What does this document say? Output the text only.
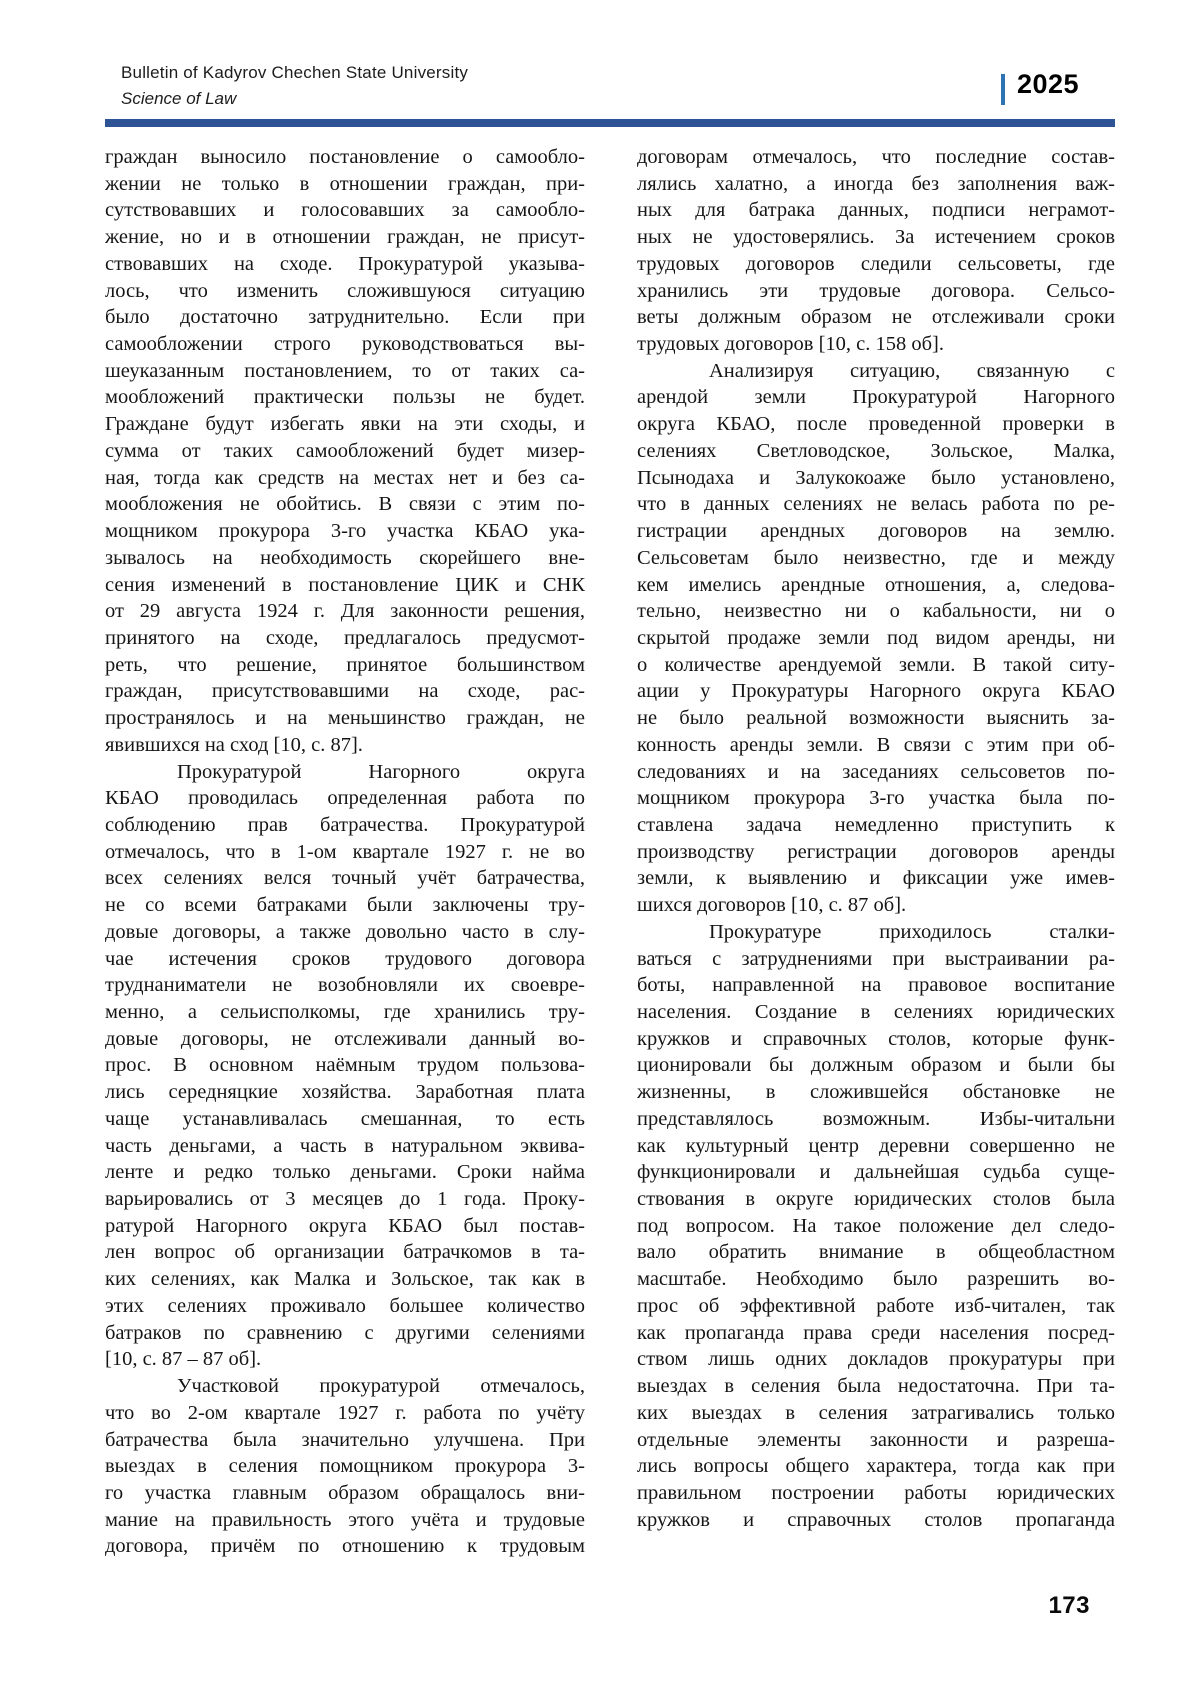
Bulletin of Kadyrov Chechen State University
Science of Law	2025
граждан выносило постановление о самообло-
жении не только в отношении граждан, при-
сутствовавших и голосовавших за самообло-
жение, но и в отношении граждан, не присут-
ствовавших на сходе. Прокуратурой указыва-
лось, что изменить сложившуюся ситуацию
было достаточно затруднительно. Если при
самообложении строго руководствоваться вы-
шеуказанным постановлением, то от таких са-
мообложений практически пользы не будет.
Граждане будут избегать явки на эти сходы, и
сумма от таких самообложений будет мизер-
ная, тогда как средств на местах нет и без са-
мообложения не обойтись. В связи с этим по-
мощником прокурора 3-го участка КБАО ука-
зывалось на необходимость скорейшего вне-
сения изменений в постановление ЦИК и СНК
от 29 августа 1924 г. Для законности решения,
принятого на сходе, предлагалось предусмот-
реть, что решение, принятое большинством
граждан, присутствовавшими на сходе, рас-
пространялось и на меньшинство граждан, не
явившихся на сход [10, с. 87].
Прокуратурой Нагорного округа
КБАО проводилась определенная работа по
соблюдению прав батрачества. Прокуратурой
отмечалось, что в 1-ом квартале 1927 г. не во
всех селениях велся точный учёт батрачества,
не со всеми батраками были заключены тру-
довые договоры, а также довольно часто в слу-
чае истечения сроков трудового договора
труднаниматели не возобновляли их своевре-
менно, а сельисполкомы, где хранились тру-
довые договоры, не отслеживали данный во-
прос. В основном наёмным трудом пользова-
лись середняцкие хозяйства. Заработная плата
чаще устанавливалась смешанная, то есть
часть деньгами, а часть в натуральном эквива-
ленте и редко только деньгами. Сроки найма
варьировались от 3 месяцев до 1 года. Проку-
ратурой Нагорного округа КБАО был постав-
лен вопрос об организации батрачкомов в та-
ких селениях, как Малка и Зольское, так как в
этих селениях проживало большее количество
батраков по сравнению с другими селениями
[10, с. 87 – 87 об].
Участковой прокуратурой отмечалось,
что во 2-ом квартале 1927 г. работа по учёту
батрачества была значительно улучшена. При
выездах в селения помощником прокурора 3-
го участка главным образом обращалось вни-
мание на правильность этого учёта и трудовые
договора, причём по отношению к трудовым
договорам отмечалось, что последние состав-
лялись халатно, а иногда без заполнения важ-
ных для батрака данных, подписи неграмот-
ных не удостоверялись. За истечением сроков
трудовых договоров следили сельсоветы, где
хранились эти трудовые договора. Сельсо-
веты должным образом не отслеживали сроки
трудовых договоров [10, с. 158 об].
Анализируя ситуацию, связанную с
арендой земли Прокуратурой Нагорного
округа КБАО, после проведенной проверки в
селениях Светловодское, Зольское, Малка,
Псынодаха и Залукокоаже было установлено,
что в данных селениях не велась работа по ре-
гистрации арендных договоров на землю.
Сельсоветам было неизвестно, где и между
кем имелись арендные отношения, а, следова-
тельно, неизвестно ни о кабальности, ни о
скрытой продаже земли под видом аренды, ни
о количестве арендуемой земли. В такой ситу-
ации у Прокуратуры Нагорного округа КБАО
не было реальной возможности выяснить за-
конность аренды земли. В связи с этим при об-
следованиях и на заседаниях сельсоветов по-
мощником прокурора 3-го участка была по-
ставлена задача немедленно приступить к
производству регистрации договоров аренды
земли, к выявлению и фиксации уже имев-
шихся договоров [10, с. 87 об].
Прокуратуре приходилось сталки-
ваться с затруднениями при выстраивании ра-
боты, направленной на правовое воспитание
населения. Создание в селениях юридических
кружков и справочных столов, которые функ-
ционировали бы должным образом и были бы
жизненны, в сложившейся обстановке не
представлялось возможным. Избы-читальни
как культурный центр деревни совершенно не
функционировали и дальнейшая судьба суще-
ствования в округе юридических столов была
под вопросом. На такое положение дел следо-
вало обратить внимание в общеобластном
масштабе. Необходимо было разрешить во-
прос об эффективной работе изб-читален, так
как пропаганда права среди населения посред-
ством лишь одних докладов прокуратуры при
выездах в селения была недостаточна. При та-
ких выездах в селения затрагивались только
отдельные элементы законности и разреша-
лись вопросы общего характера, тогда как при
правильном построении работы юридических
кружков и справочных столов пропаганда
173
